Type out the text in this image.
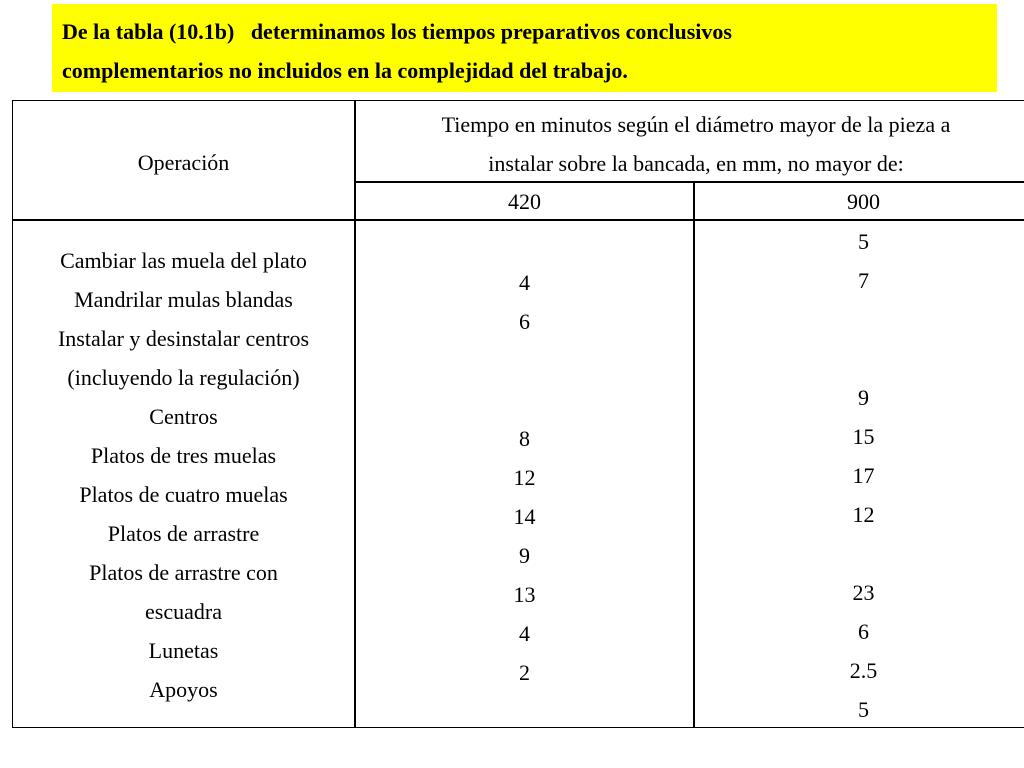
De la tabla (10.1b)   determinamos los tiempos preparativos conclusivos
complementarios no incluidos en la complejidad del trabajo.
Operación
Tiempo en minutos según el diámetro mayor de la pieza a
instalar sobre la bancada, en mm, no mayor de:
420	900
Cambiar las muela del plato
Mandrilar mulas blandas
Instalar y desinstalar centros
(incluyendo la regulación)
Centros
Platos de tres muelas
Platos de cuatro muelas
Platos de arrastre
Platos de arrastre con
escuadra
Lunetas
Apoyos
4
6
8
12
14
9
13
4
2
5
7
9
15
17
12
23
6
2.5
5
